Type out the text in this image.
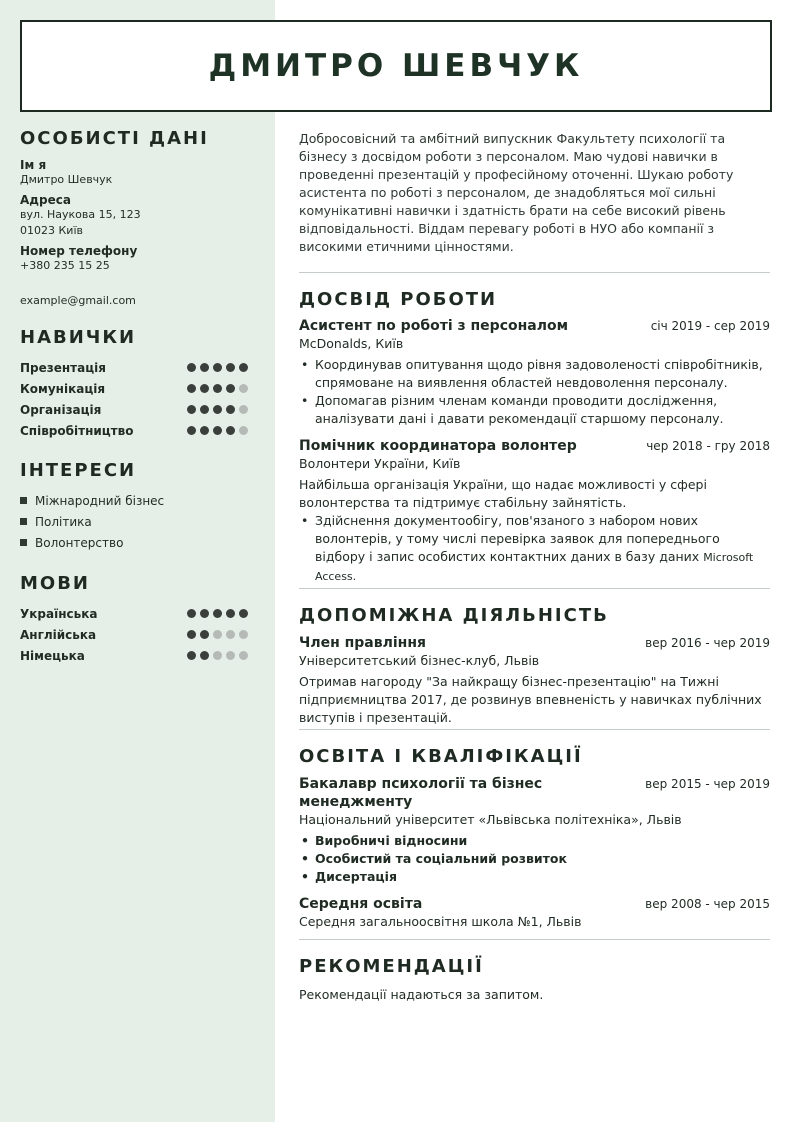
ДМИТРО ШЕВЧУК
ОСОБИСТІ ДАНІ
Ім я
Дмитро Шевчук
Адреса
вул. Наукова 15, 123
01023 Київ
Номер телефону
+380 235 15 25
example@gmail.com
НАВИЧКИ
Презентація
Комунікація
Організація
Співробітництво
ІНТЕРЕСИ
Міжнародний бізнес
Політика
Волонтерство
МОВИ
Українська
Англійська
Німецька

Добросовісний та амбітний випускник Факультету психології та бізнесу з досвідом роботи з персоналом. Маю чудові навички в проведенні презентацій у професійному оточенні. Шукаю роботу асистента по роботі з персоналом, де знадобляться мої сильні комунікативні навички і здатність брати на себе високий рівень відповідальності. Віддам перевагу роботі в НУО або компанії з високими етичними цінностями.

ДОСВІД РОБОТИ
Асистент по роботі з персоналом	січ 2019 - сер 2019
McDonalds, Київ
• Координував опитування щодо рівня задоволеності співробітників, спрямоване на виявлення областей невдоволення персоналу.
• Допомагав різним членам команди проводити дослідження, аналізувати дані і давати рекомендації старшому персоналу.
Помічник координатора волонтер	чер 2018 - гру 2018
Волонтери України, Київ

Найбільша організація України, що надає можливості у сфері волонтерства та підтримує стабільну зайнятість.

• Здійснення документообігу, пов'язаного з набором нових волонтерів, у тому числі перевірка заявок для попереднього відбору і запис особистих контактних даних в базу даних Microsoft Access.
ДОПОМІЖНА ДІЯЛЬНІСТЬ
Член правління	вер 2016 - чер 2019
Університетський бізнес-клуб, Львів

Отримав нагороду "За найкращу бізнес-презентацію" на Тижні підприємництва 2017, де розвинув впевненість у навичках публічних виступів і презентацій.

ОСВІТА І КВАЛІФІКАЦІЇ
Бакалавр психології та бізнес менеджменту
вер 2015 - чер 2019
Національний університет «Львівська політехніка», Львів
• Виробничі відносини
• Особистий та соціальний розвиток
• Дисертація
Середня освіта	вер 2008 - чер 2015
Середня загальноосвітня школа №1, Львів
РЕКОМЕНДАЦІЇ

Рекомендації надаються за запитом.
